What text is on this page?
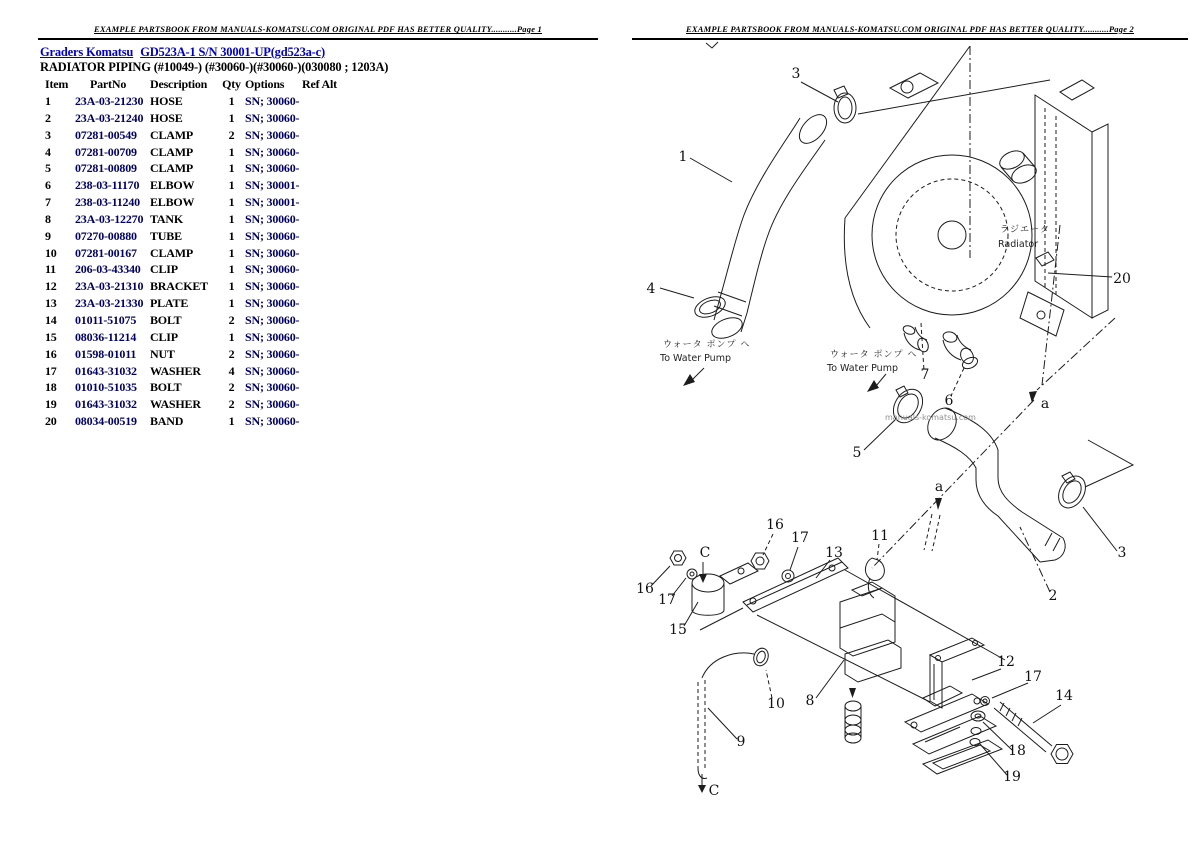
EXAMPLE PARTSBOOK FROM MANUALS-KOMATSU.COM ORIGINAL PDF HAS BETTER QUALITY...........Page 1	EXAMPLE PARTSBOOK FROM MANUALS-KOMATSU.COM ORIGINAL PDF HAS BETTER QUALITY...........Page 2
Graders Komatsu GD523A-1 S/N 30001-UP(gd523a-c)
RADIATOR PIPING (#10049-) (#30060-)(#30060-)(030080 ; 1203A)
Item	PartNo	Description	Qty Options	Ref Alt
1	23A-03-21230 HOSE	1 SN; 30060-
2	23A-03-21240 HOSE	1 SN; 30060-
3	07281-00549	CLAMP	2 SN; 30060-
4	07281-00709	CLAMP	1 SN; 30060-
5	07281-00809	CLAMP	1 SN; 30060-
6	238-03-11170 ELBOW	1 SN; 30001-
7	238-03-11240 ELBOW	1 SN; 30001-
8	23A-03-12270 TANK	1 SN; 30060-
9	07270-00880	TUBE	1 SN; 30060-
10	07281-00167	CLAMP	1 SN; 30060-
11	206-03-43340 CLIP	1 SN; 30060-
12	23A-03-21310 BRACKET	1 SN; 30060-
13	23A-03-21330 PLATE	1 SN; 30060-
14	01011-51075	BOLT	2 SN; 30060-
15	08036-11214	CLIP	1 SN; 30060-
16	01598-01011	NUT	2 SN; 30060-
17	01643-31032	WASHER	4 SN; 30060-
18	01010-51035	BOLT	2 SN; 30060-
19	01643-31032	WASHER	2 SN; 30060-
20	08034-00519	BAND	1 SN; 30060-
ラジエータ
Radiator
ウォータ ポンプ ヘ
To Water Pump	ウォータ ポンプ ヘ
To Water Pump
manuals-komatsu.com
1
3
4
20
7
6
5
a
a
16
17
C
15
16
17
13
11
12
17
14
18
19
2
3
10
9
8
C
